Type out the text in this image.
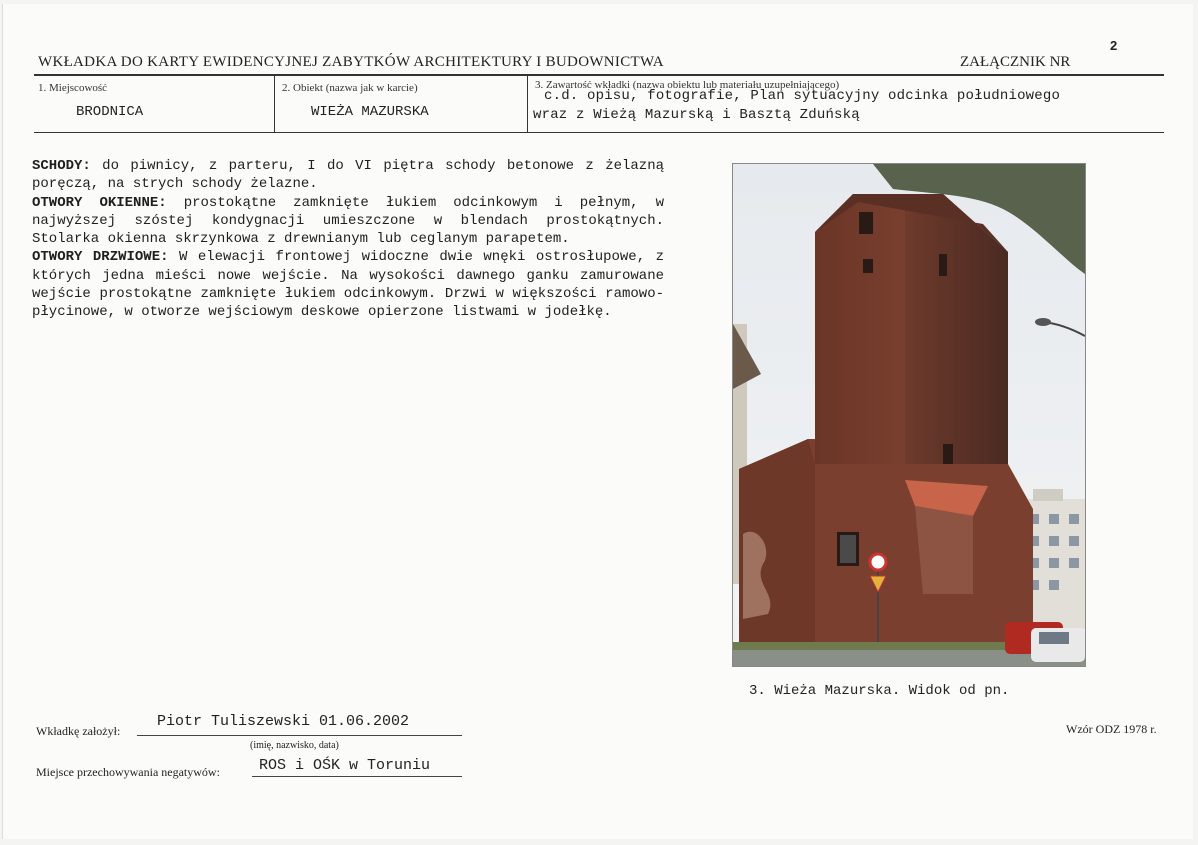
WKŁADKA DO KARTY EWIDENCYJNEJ ZABYTKÓW ARCHITEKTURY I BUDOWNICTWA	ZAŁĄCZNIK NR
2
1. Miejscowość
BRODNICA
2. Obiekt (nazwa jak w karcie)
WIEŻA MAZURSKA
3. Zawartość wkładki (nazwa obiektu lub materiału uzupełniającego)
c.d. opisu, fotografie, Plan sytuacyjny odcinka południowego
wraz z Wieżą Mazurską i Basztą Zduńską

SCHODY: do piwnicy, z parteru, I do VI piętra schody betonowe z żelazną poręczą, na strych schody żelazne.

OTWORY OKIENNE: prostokątne zamknięte łukiem odcinkowym i pełnym, w najwyższej szóstej kondygnacji umieszczone w blendach prostokątnych. Stolarka okienna skrzynkowa z drewnianym lub ceglanym parapetem.

OTWORY DRZWIOWE: W elewacji frontowej widoczne dwie wnęki ostrosłupowe, z których jedna mieści nowe wejście. Na wysokości dawnego ganku zamurowane wejście prostokątne zamknięte łukiem odcinkowym. Drzwi w większości ramowo-płycinowe, w otworze wejściowym deskowe opierzone listwami w jodełkę.

3. Wieża Mazurska. Widok od pn.
Wzór ODZ 1978 r.
Wkładkę założył:
Piotr Tuliszewski 01.06.2002
(imię, nazwisko, data)
Miejsce przechowywania negatywów:	ROS i OŚK w Toruniu
